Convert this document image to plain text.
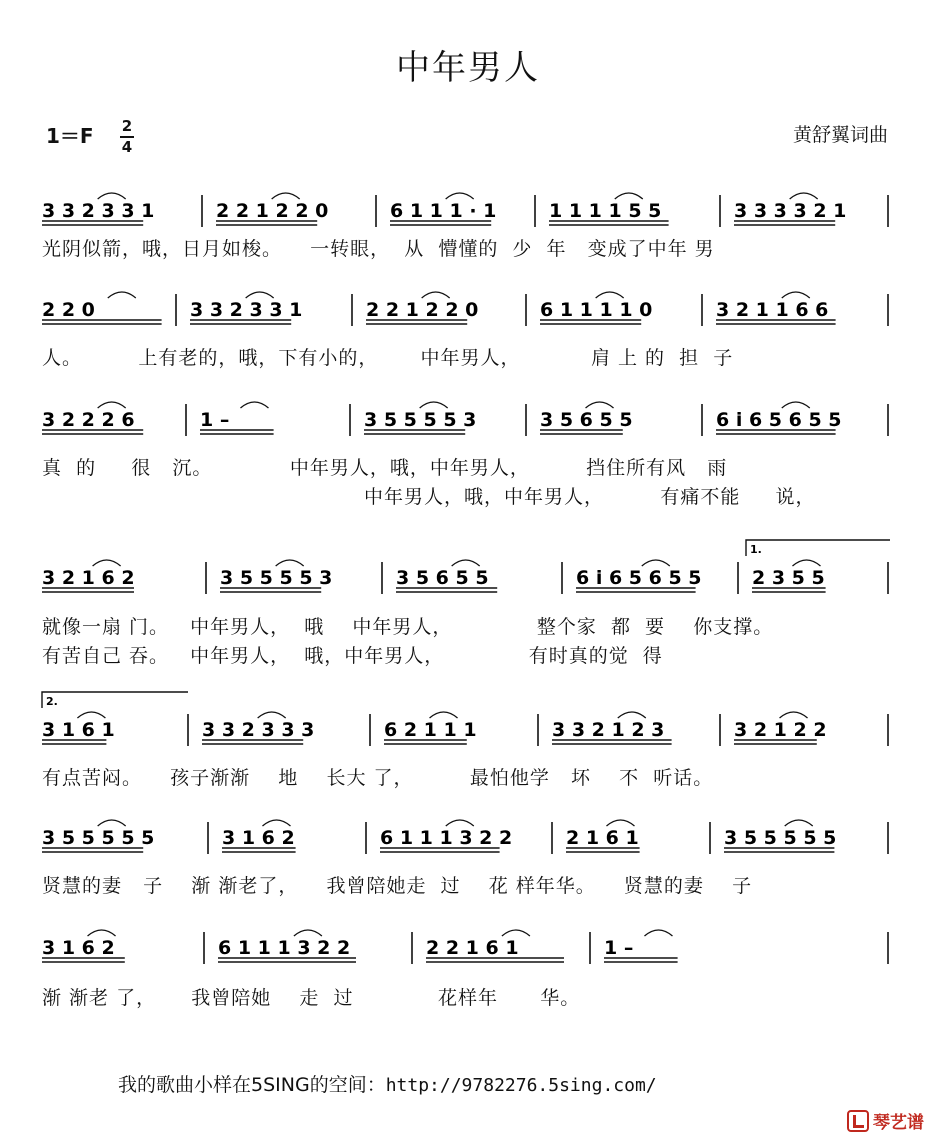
中年男人
1＝F 2
4
黄舒翼词曲
3 3 2 3 3 1	2 2 1 2 2 0	6 1 1 1 · 1	1 1 1 1 5 5	3 3 3 3 2 1
2 2 0	3 3 2 3 3 1	2 2 1 2 2 0	6 1 1 1 1 0	3 2 1 1 6 6
3 2 2 2 6	1 –	3 5 5 5 5 3	3 5 6 5 5	6 i 6 5 6 5 5
3 2 1 6 2	3 5 5 5 5 3	3 5 6 5 5	6 i 6 5 6 5 5	2 3 5 5
1.
3 1 6 1	3 3 2 3 3 3	6 2 1 1 1	3 3 2 1 2 3	3 2 1 2 2
2.
3 5 5 5 5 5	3 1 6 2	6 1 1 1 3 2 2	2 1 6 1	3 5 5 5 5 5
3 1 6 2	6 1 1 1 3 2 2	2 2 1 6 1	1 –
光阴似箭，哦，日月如梭。    一转眼，  从  懵懂的  少  年   变成了中年 男
人。        上有老的，哦，下有小的，      中年男人，          肩 上 的  担  子
真  的     很   沉。           中年男人，哦，中年男人，        挡住所有风   雨
中年男人，哦，中年男人，        有痛不能     说，
就像一扇 门。   中年男人，  哦    中年男人，            整个家  都  要    你支撑。
有苦自己 吞。   中年男人，  哦，中年男人，            有时真的觉  得
有点苦闷。    孩子渐渐    地    长大 了，        最怕他学   坏    不  听话。
贤慧的妻   子    渐 渐老了，    我曾陪她走  过    花 样年华。    贤慧的妻    子
渐 渐老 了，     我曾陪她    走  过            花样年      华。
我的歌曲小样在5SING的空间：http://9782276.5sing.com/
琴艺谱
